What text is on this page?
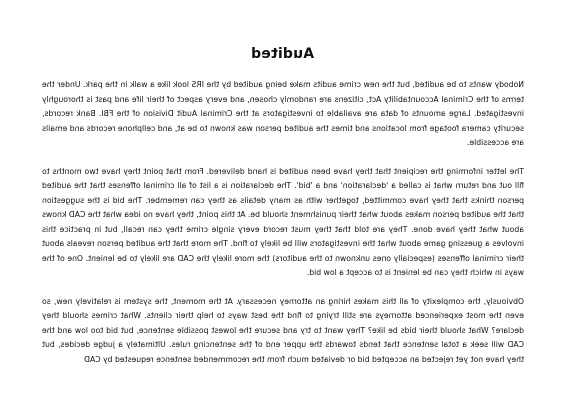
Audited

Nobody wants to be audited, but the new crime audits make being audited by the IRS look like a walk in the park. Under the terms of the Criminal Accountability Act, citizens are randomly chosen, and every aspect of their life and past is thoroughly investigated. Large amounts of data are available to investigators at the Criminal Audit Division of the FBI. Bank records, security camera footage from locations and times the audited person was known to be at, and cellphone records and emails are accessible.

The letter informing the recipient that they have been audited is hand delivered. From that point they have two months to fill out and return what is called a 'declaration' and a 'bid'. The declaration is a list of all criminal offenses that the audited person thinks that they have committed, together with as many details as they can remember. The bid is the suggestion that the audited person makes about what their punishment should be. At this point, they have no idea what the CAD knows about what they have done. They are told that they must record every single crime they can recall, but in practice this involves a guessing game about what the investigators will be likely to find. The more that the audited person reveals about their criminal offenses (especially ones unknown to the auditors) the more likely the CAD are likely to be lenient. One of the ways in which they can be lenient is to accept a low bid.

Obviously, the complexity of all this makes hiring an attorney necessary. At the moment, the system is relatively new, so even the most experienced attorneys are still trying to find the best ways to help their clients. What crimes should they declare? What should their bids be like? They want to try and secure the lowest possible sentence, but bid too low and the CAD will seek a total sentence that tends towards the upper end of the sentencing rules. Ultimately a judge decides, but they have not yet rejected an accepted bid or deviated much from the recommended sentence requested by CAD
